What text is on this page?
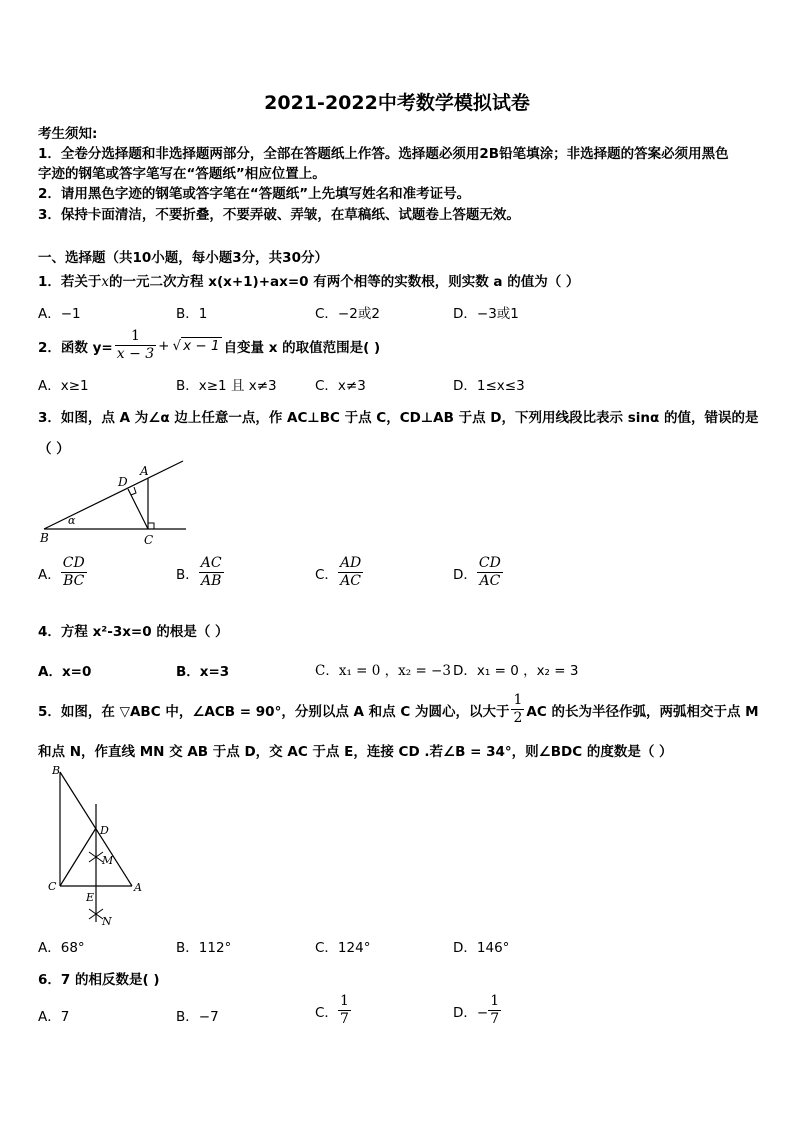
2021-2022中考数学模拟试卷
考生须知:
1．全卷分选择题和非选择题两部分，全部在答题纸上作答。选择题必须用2B铅笔填涂；非选择题的答案必须用黑色
字迹的钢笔或答字笔写在“答题纸”相应位置上。
2．请用黑色字迹的钢笔或答字笔在“答题纸”上先填写姓名和准考证号。
3．保持卡面清洁，不要折叠，不要弄破、弄皱，在草稿纸、试题卷上答题无效。
一、选择题（共10小题，每小题3分，共30分）
1．若关于x的一元二次方程 x(x+1)+ax=0 有两个相等的实数根，则实数 a 的值为（ ）
A．−1	B．1	C．−2或2	D．−3或1
2．函数 $y= \frac{1}{x - 3}$ + √ x − 1 自变量 x 的取值范围是( )
A．x≥1	B．x≥1 且 x≠3	C．x≠3	D．1≤x≤3
3．如图，点 A 为∠α 边上任意一点，作 AC⊥BC 于点 C，CD⊥AB 于点 D，下列用线段比表示 sinα 的值，错误的是
（ ）
B	C
D
A
α
A． $\frac{CD}{BC}$	B． $\frac{AC}{AB}$	C． $\frac{AD}{AC}$	D． $\frac{CD}{AC}$
4．方程 x²-3x=0 的根是（ ）
A．x=0	B．x=3	C．x₁ = 0 ，x₂ = −3 D．x₁ = 0 ，x₂ = 3
5．如图，在 ▽ABC 中，∠ACB = 90°，分别以点 A 和点 C 为圆心，以大于 $\frac{1}{2}$ AC 的长为半径作弧，两弧相交于点 M
和点 N，作直线 MN 交 AB 于点 D，交 AC 于点 E，连接 CD .若∠B = 34°，则∠BDC 的度数是（ ）
B
D
M
C
E
A
N
A．68°	B．112°	C．124°	D．146°
6．7 的相反数是( )
A．7	B．−7	C． $\frac{1}{7}$	D．− $\frac{1}{7}$
